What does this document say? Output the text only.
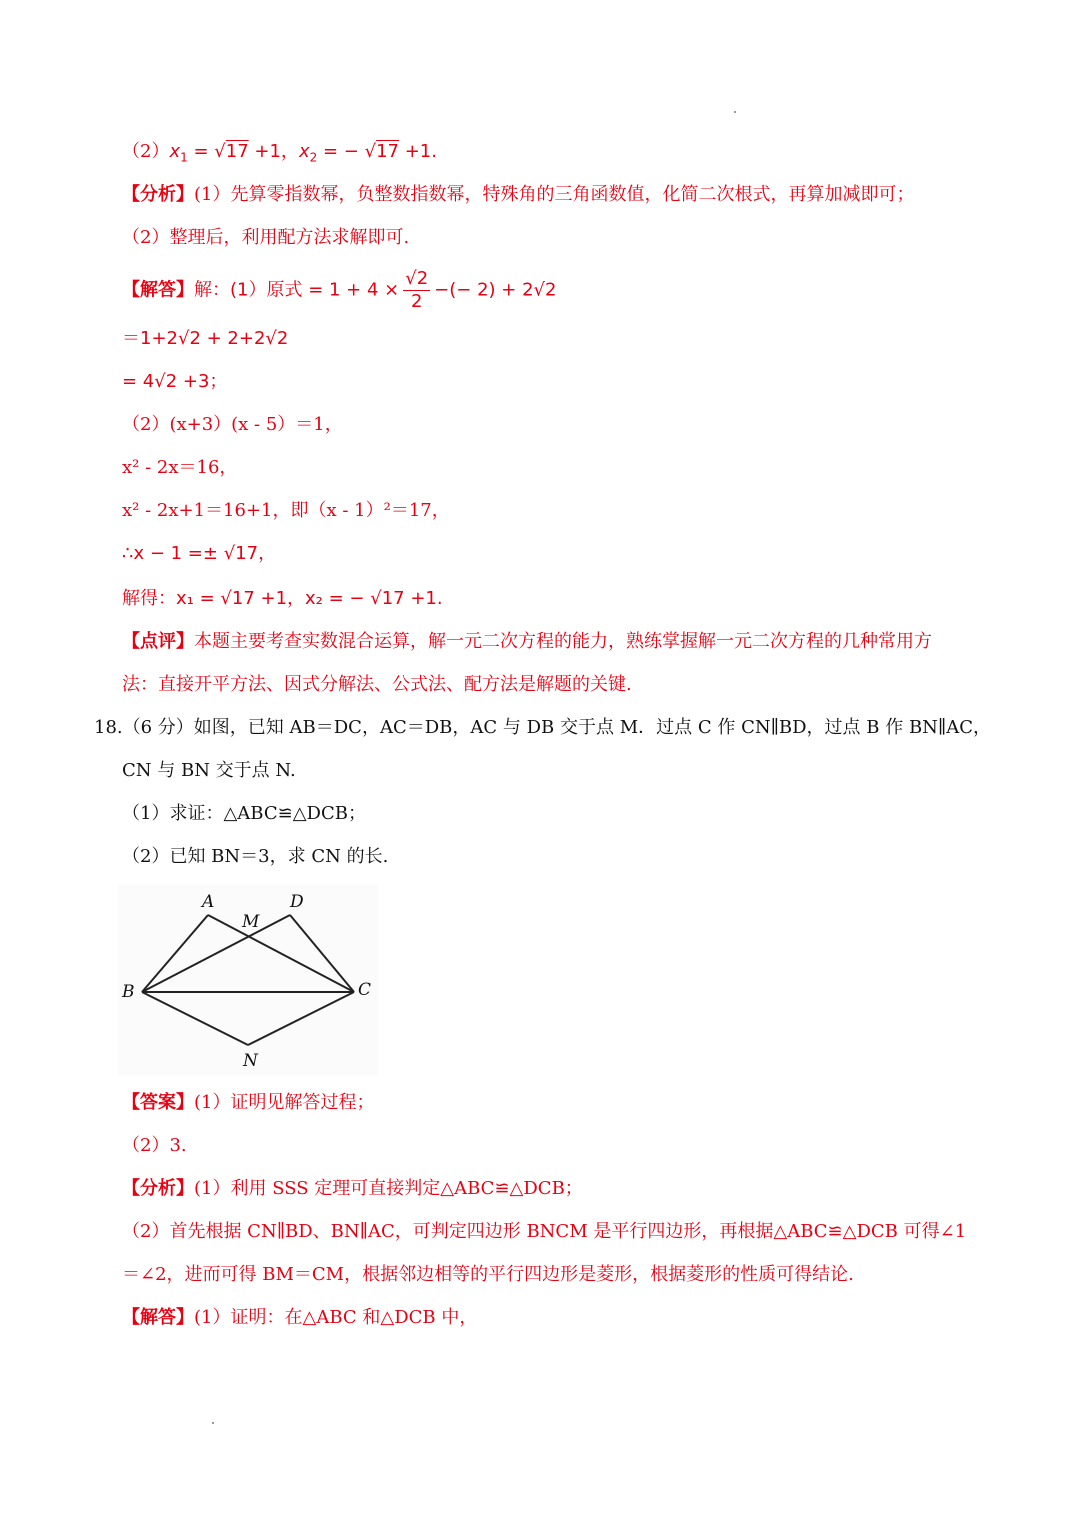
$(2)x_1 = √17 +1$，$x_2$ = − √17 +1.
【分析】(1）先算零指数幂，负整数指数幂，特殊角的三角函数值，化简二次根式，再算加减即可；
（2）整理后，利用配方法求解即可.
【解答】解：(1）原式 = $1 + 4 \times \frac{√2}{2}$ −(− 2) + 2√2
＝1+2√2 + 2+2√2
= 4√2 +3；
（2）(x+3）(x - 5）＝1，
x² - 2x＝16，
x² - 2x+1＝16+1，即（x - 1）²＝17，
∴x − 1 =± √17，
解得：x₁ = √17 +1，x₂ = − √17 +1.
【点评】本题主要考查实数混合运算，解一元二次方程的能力，熟练掌握解一元二次方程的几种常用方
法：直接开平方法、因式分解法、公式法、配方法是解题的关键.
18.（6 分）如图，已知 AB＝DC，AC＝DB，AC 与 DB 交于点 M．过点 C 作 CN∥BD，过点 B 作 BN∥AC，
CN 与 BN 交于点 N.
（1）求证：△ABC≌△DCB；
（2）已知 BN＝3，求 CN 的长.
A	D
M
B	C
N
【答案】(1）证明见解答过程；
（2）3.
【分析】(1）利用 SSS 定理可直接判定△ABC≌△DCB；
（2）首先根据 CN∥BD、BN∥AC，可判定四边形 BNCM 是平行四边形，再根据△ABC≌△DCB 可得∠1
＝∠2，进而可得 BM＝CM，根据邻边相等的平行四边形是菱形，根据菱形的性质可得结论.
【解答】(1）证明：在△ABC 和△DCB 中，
